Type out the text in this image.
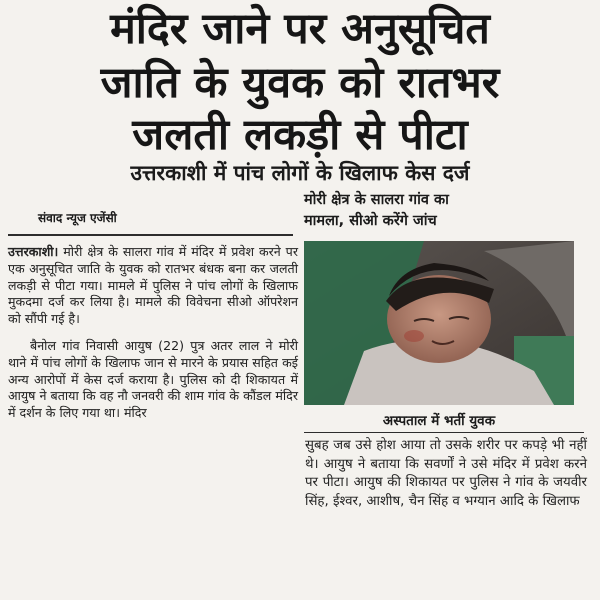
मंदिर जाने पर अनुसूचित
जाति के युवक को रातभर
जलती लकड़ी से पीटा
उत्तरकाशी में पांच लोगों के खिलाफ केस दर्ज
संवाद न्यूज एजेंसी
मोरी क्षेत्र के सालरा गांव का
मामला, सीओ करेंगे जांच
अस्पताल में भर्ती युवक

उत्तरकाशी। मोरी क्षेत्र के सालरा गांव में मंदिर में प्रवेश करने पर एक अनुसूचित जाति के युवक को रातभर बंधक बना कर जलती लकड़ी से पीटा गया। मामले में पुलिस ने पांच लोगों के खिलाफ मुकदमा दर्ज कर लिया है। मामले की विवेचना सीओ ऑपरेशन को सौंपी गई है।

बैनोल गांव निवासी आयुष (22) पुत्र अतर लाल ने मोरी थाने में पांच लोगों के खिलाफ जान से मारने के प्रयास सहित कई अन्य आरोपों में केस दर्ज कराया है। पुलिस को दी शिकायत में आयुष ने बताया कि वह नौ जनवरी की शाम गांव के कौंडल मंदिर में दर्शन के लिए गया था। मंदिर

सुबह जब उसे होश आया तो उसके शरीर पर कपड़े भी नहीं थे। आयुष ने बताया कि सवर्णों ने उसे मंदिर में प्रवेश करने पर पीटा। आयुष की शिकायत पर पुलिस ने गांव के जयवीर सिंह, ईश्वर, आशीष, चैन सिंह व भग्यान आदि के खिलाफ
